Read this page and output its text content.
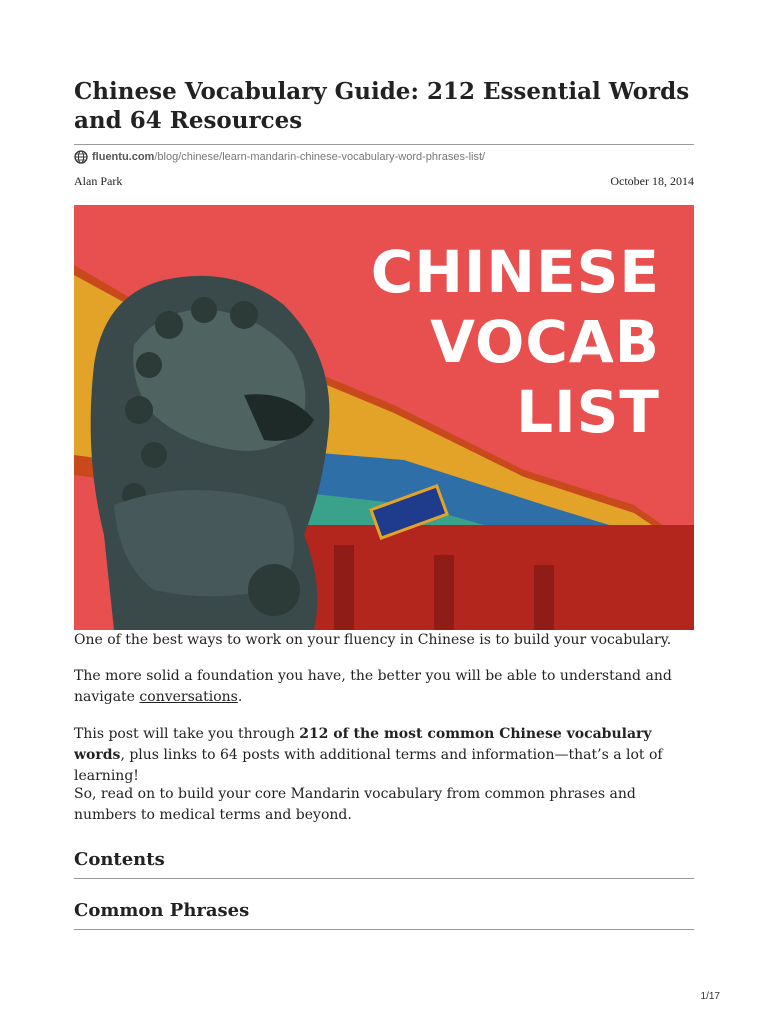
Chinese Vocabulary Guide: 212 Essential Words and 64 Resources
fluentu.com /blog/chinese/learn-mandarin-chinese-vocabulary-word-phrases-list/
Alan Park	October 18, 2014
CHINESE
VOCAB
LIST

One of the best ways to work on your fluency in Chinese is to build your vocabulary.

The more solid a foundation you have, the better you will be able to understand and navigate conversations.

This post will take you through 212 of the most common Chinese vocabulary words, plus links to 64 posts with additional terms and information—that’s a lot of learning!

So, read on to build your core Mandarin vocabulary from common phrases and numbers to medical terms and beyond.

Contents
Common Phrases
1/17
